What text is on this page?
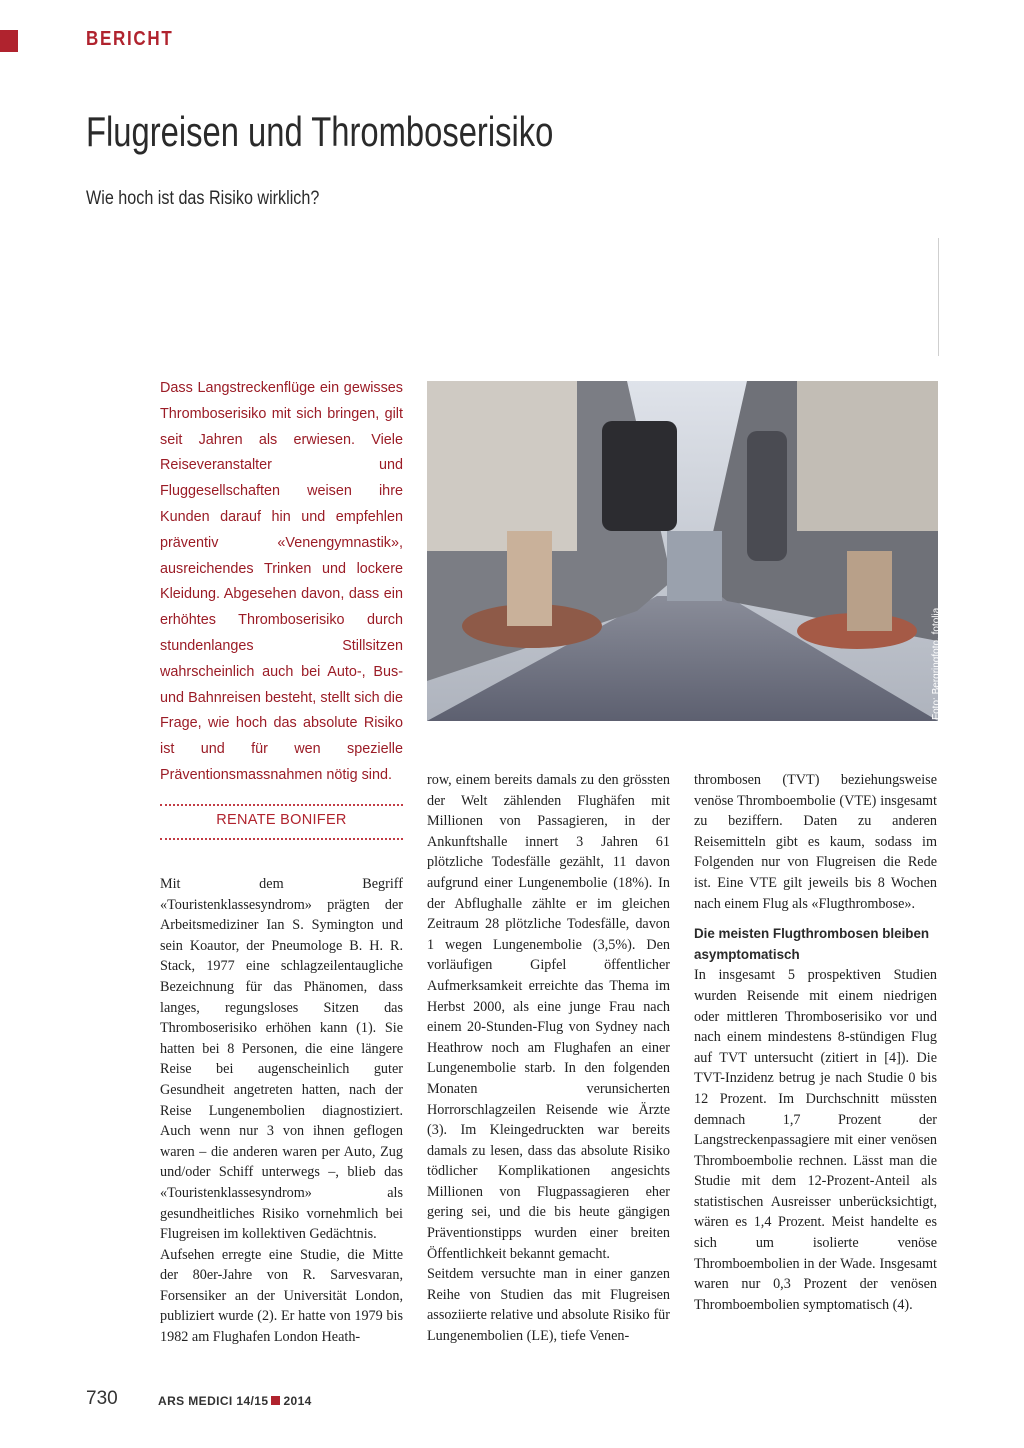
BERICHT
Flugreisen und Thromboserisiko
Wie hoch ist das Risiko wirklich?

Dass Langstreckenflüge ein gewisses Thromboserisiko mit sich bringen, gilt seit Jahren als erwiesen. Viele Reiseveranstalter und Fluggesellschaften weisen ihre Kunden darauf hin und empfehlen präventiv «Venengymnastik», ausreichendes Trinken und lockere Kleidung. Abgesehen davon, dass ein erhöhtes Thromboserisiko durch stundenlanges Stillsitzen wahrscheinlich auch bei Auto-, Bus- und Bahnreisen besteht, stellt sich die Frage, wie hoch das absolute Risiko ist und für wen spezielle Präventionsmassnahmen nötig sind.

RENATE BONIFER
Foto: Bergringfoto, fotolia

Mit dem Begriff «Touristenklassesyndrom» prägten der Arbeitsmediziner Ian S. Symington und sein Koautor, der Pneumologe B. H. R. Stack, 1977 eine schlagzeilentaugliche Bezeichnung für das Phänomen, dass langes, regungsloses Sitzen das Thromboserisiko erhöhen kann (1). Sie hatten bei 8 Personen, die eine längere Reise bei augenscheinlich guter Gesundheit angetreten hatten, nach der Reise Lungenembolien diagnostiziert. Auch wenn nur 3 von ihnen geflogen waren – die anderen waren per Auto, Zug und/oder Schiff unterwegs –, blieb das «Touristenklassesyndrom» als gesundheitliches Risiko vornehmlich bei Flugreisen im kollektiven Gedächtnis.

Aufsehen erregte eine Studie, die Mitte der 80er-Jahre von R. Sarvesvaran, Forsensiker an der Universität London, publiziert wurde (2). Er hatte von 1979 bis 1982 am Flughafen London Heath-

row, einem bereits damals zu den grössten der Welt zählenden Flughäfen mit Millionen von Passagieren, in der Ankunftshalle innert 3 Jahren 61 plötzliche Todesfälle gezählt, 11 davon aufgrund einer Lungenembolie (18%). In der Abflughalle zählte er im gleichen Zeitraum 28 plötzliche Todesfälle, davon 1 wegen Lungenembolie (3,5%). Den vorläufigen Gipfel öffentlicher Aufmerksamkeit erreichte das Thema im Herbst 2000, als eine junge Frau nach einem 20-Stunden-Flug von Sydney nach Heathrow noch am Flughafen an einer Lungenembolie starb. In den folgenden Monaten verunsicherten Horrorschlagzeilen Reisende wie Ärzte (3). Im Kleingedruckten war bereits damals zu lesen, dass das absolute Risiko tödlicher Komplikationen angesichts Millionen von Flugpassagieren eher gering sei, und die bis heute gängigen Präventionstipps wurden einer breiten Öffentlichkeit bekannt gemacht.

Seitdem versuchte man in einer ganzen Reihe von Studien das mit Flugreisen assoziierte relative und absolute Risiko für Lungenembolien (LE), tiefe Venen-

thrombosen (TVT) beziehungsweise venöse Thromboembolie (VTE) insgesamt zu beziffern. Daten zu anderen Reisemitteln gibt es kaum, sodass im Folgenden nur von Flugreisen die Rede ist. Eine VTE gilt jeweils bis 8 Wochen nach einem Flug als «Flugthrombose».

Die meisten Flugthrombosen bleiben asymptomatisch

In insgesamt 5 prospektiven Studien wurden Reisende mit einem niedrigen oder mittleren Thromboserisiko vor und nach einem mindestens 8-stündigen Flug auf TVT untersucht (zitiert in [4]). Die TVT-Inzidenz betrug je nach Studie 0 bis 12 Prozent. Im Durchschnitt müssten demnach 1,7 Prozent der Langstreckenpassagiere mit einer venösen Thromboembolie rechnen. Lässt man die Studie mit dem 12-Prozent-Anteil als statistischen Ausreisser unberücksichtigt, wären es 1,4 Prozent. Meist handelte es sich um isolierte venöse Thromboembolien in der Wade. Insgesamt waren nur 0,3 Prozent der venösen Thromboembolien symptomatisch (4).

730	ARS MEDICI 14/15 2014
